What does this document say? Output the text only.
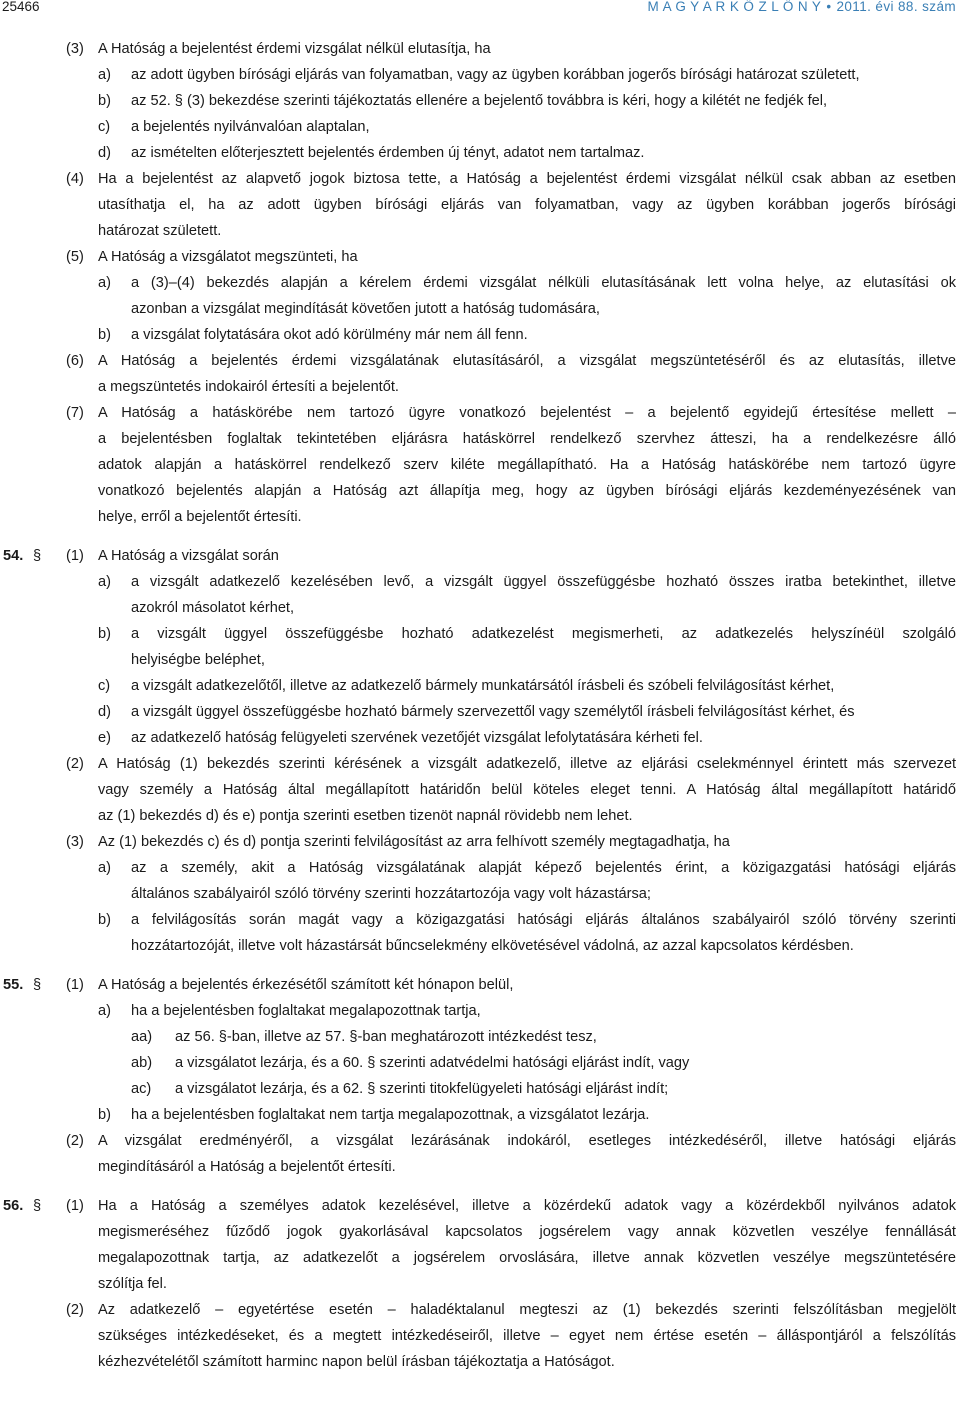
25466	M A G Y A R K Ö Z L Ö N Y • 2011. évi 88. szám
(3) A Hatóság a bejelentést érdemi vizsgálat nélkül elutasítja, ha
a) az adott ügyben bírósági eljárás van folyamatban, vagy az ügyben korábban jogerős bírósági határozat született,
b) az 52. § (3) bekezdése szerinti tájékoztatás ellenére a bejelentő továbbra is kéri, hogy a kilétét ne fedjék fel,
c) a bejelentés nyilvánvalóan alaptalan,
d) az ismételten előterjesztett bejelentés érdemben új tényt, adatot nem tartalmaz.
(4) Ha a bejelentést az alapvető jogok biztosa tette, a Hatóság a bejelentést érdemi vizsgálat nélkül csak abban az esetben
utasíthatja el, ha az adott ügyben bírósági eljárás van folyamatban, vagy az ügyben korábban jogerős bírósági
határozat született.
(5) A Hatóság a vizsgálatot megszünteti, ha
a) a (3)–(4) bekezdés alapján a kérelem érdemi vizsgálat nélküli elutasításának lett volna helye, az elutasítási ok
azonban a vizsgálat megindítását követően jutott a hatóság tudomására,
b) a vizsgálat folytatására okot adó körülmény már nem áll fenn.
(6) A Hatóság a bejelentés érdemi vizsgálatának elutasításáról, a vizsgálat megszüntetéséről és az elutasítás, illetve
a megszüntetés indokairól értesíti a bejelentőt.
(7) A Hatóság a hatáskörébe nem tartozó ügyre vonatkozó bejelentést – a bejelentő egyidejű értesítése mellett –
a bejelentésben foglaltak tekintetében eljárásra hatáskörrel rendelkező szervhez átteszi, ha a rendelkezésre álló
adatok alapján a hatáskörrel rendelkező szerv kiléte megállapítható. Ha a Hatóság hatáskörébe nem tartozó ügyre
vonatkozó bejelentés alapján a Hatóság azt állapítja meg, hogy az ügyben bírósági eljárás kezdeményezésének van
helye, erről a bejelentőt értesíti.
54. § (1) A Hatóság a vizsgálat során
a) a vizsgált adatkezelő kezelésében levő, a vizsgált üggyel összefüggésbe hozható összes iratba betekinthet, illetve
azokról másolatot kérhet,
b) a vizsgált üggyel összefüggésbe hozható adatkezelést megismerheti, az adatkezelés helyszínéül szolgáló
helyiségbe beléphet,
c) a vizsgált adatkezelőtől, illetve az adatkezelő bármely munkatársától írásbeli és szóbeli felvilágosítást kérhet,
d) a vizsgált üggyel összefüggésbe hozható bármely szervezettől vagy személytől írásbeli felvilágosítást kérhet, és
e) az adatkezelő hatóság felügyeleti szervének vezetőjét vizsgálat lefolytatására kérheti fel.
(2) A Hatóság (1) bekezdés szerinti kérésének a vizsgált adatkezelő, illetve az eljárási cselekménnyel érintett más szervezet
vagy személy a Hatóság által megállapított határidőn belül köteles eleget tenni. A Hatóság által megállapított határidő
az (1) bekezdés d) és e) pontja szerinti esetben tizenöt napnál rövidebb nem lehet.
(3) Az (1) bekezdés c) és d) pontja szerinti felvilágosítást az arra felhívott személy megtagadhatja, ha
a) az a személy, akit a Hatóság vizsgálatának alapját képező bejelentés érint, a közigazgatási hatósági eljárás
általános szabályairól szóló törvény szerinti hozzátartozója vagy volt házastársa;
b) a felvilágosítás során magát vagy a közigazgatási hatósági eljárás általános szabályairól szóló törvény szerinti
hozzátartozóját, illetve volt házastársát bűncselekmény elkövetésével vádolná, az azzal kapcsolatos kérdésben.
55. § (1) A Hatóság a bejelentés érkezésétől számított két hónapon belül,
a) ha a bejelentésben foglaltakat megalapozottnak tartja,
aa) az 56. §-ban, illetve az 57. §-ban meghatározott intézkedést tesz,
ab) a vizsgálatot lezárja, és a 60. § szerinti adatvédelmi hatósági eljárást indít, vagy
ac) a vizsgálatot lezárja, és a 62. § szerinti titokfelügyeleti hatósági eljárást indít;
b) ha a bejelentésben foglaltakat nem tartja megalapozottnak, a vizsgálatot lezárja.
(2) A vizsgálat eredményéről, a vizsgálat lezárásának indokáról, esetleges intézkedéséről, illetve hatósági eljárás
megindításáról a Hatóság a bejelentőt értesíti.
56. § (1) Ha a Hatóság a személyes adatok kezelésével, illetve a közérdekű adatok vagy a közérdekből nyilvános adatok
megismeréséhez fűződő jogok gyakorlásával kapcsolatos jogsérelem vagy annak közvetlen veszélye fennállását
megalapozottnak tartja, az adatkezelőt a jogsérelem orvoslására, illetve annak közvetlen veszélye megszüntetésére
szólítja fel.
(2) Az adatkezelő – egyetértése esetén – haladéktalanul megteszi az (1) bekezdés szerinti felszólításban megjelölt
szükséges intézkedéseket, és a megtett intézkedéseiről, illetve – egyet nem értése esetén – álláspontjáról a felszólítás
kézhezvételétől számított harminc napon belül írásban tájékoztatja a Hatóságot.
